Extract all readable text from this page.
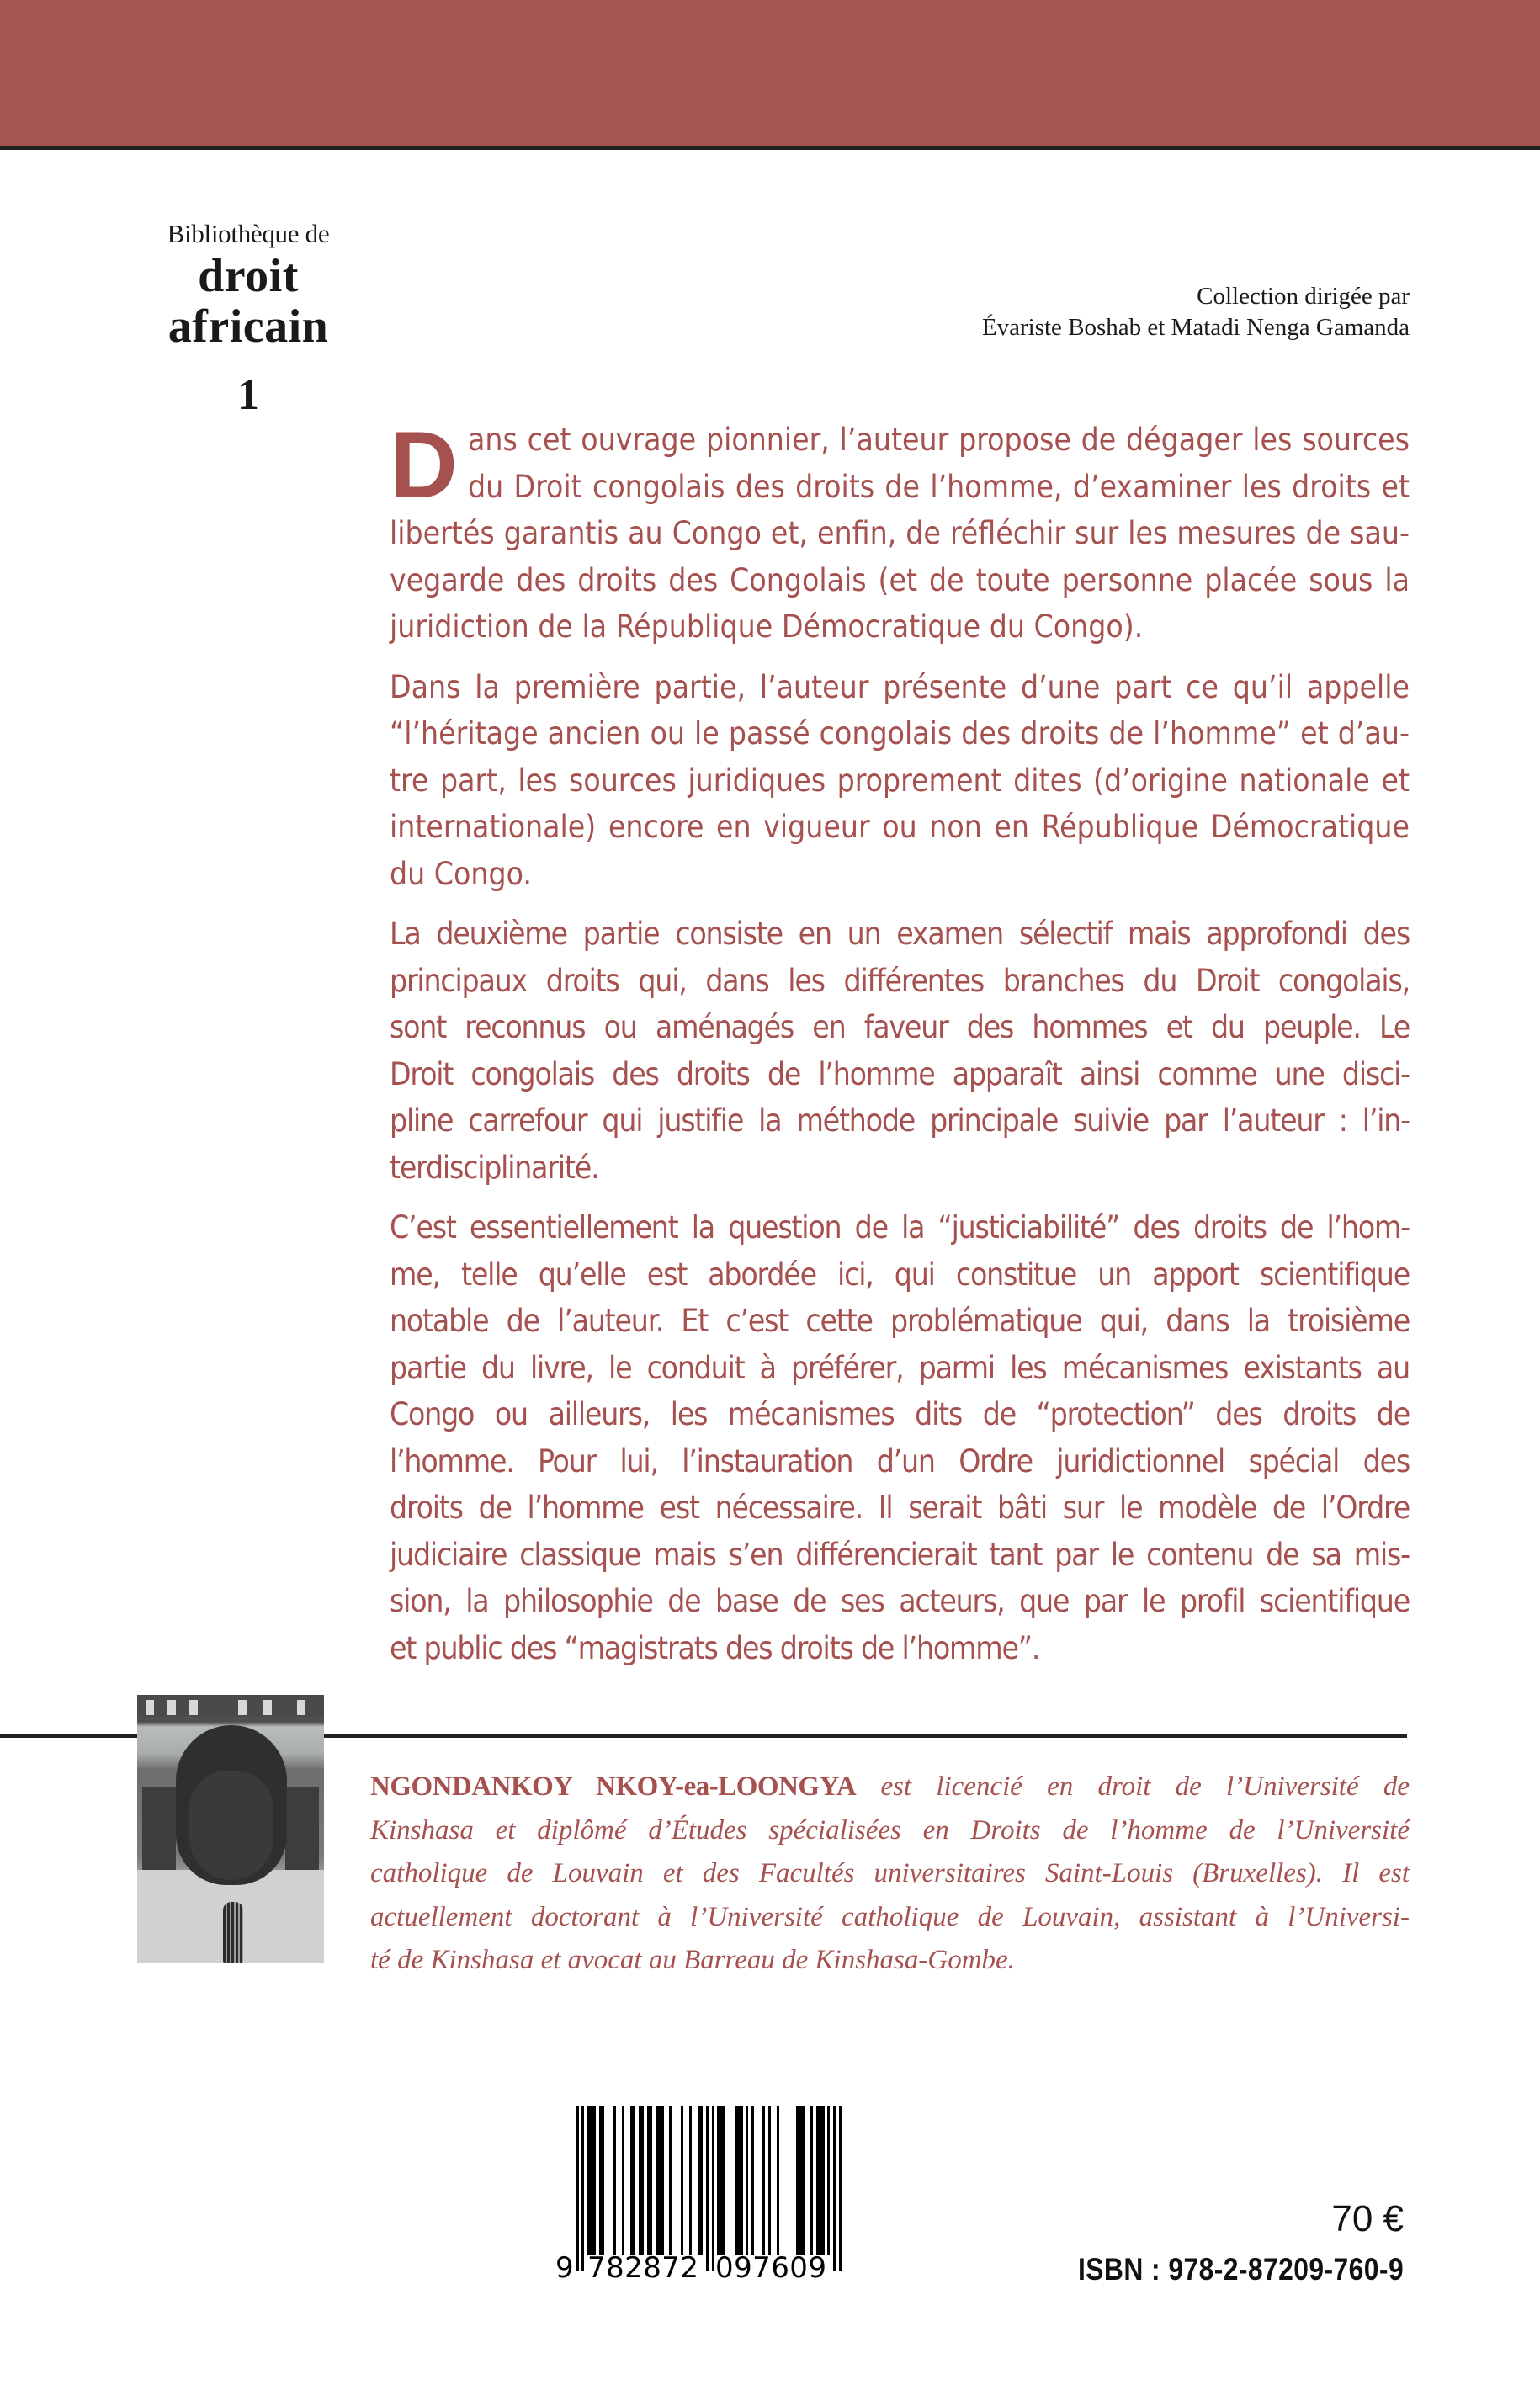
Bibliothèque de
droit
africain
1
Collection dirigée par
Évariste Boshab et Matadi Nenga Gamanda
D ans cet ouvrage pionnier, l’auteur propose de dégager les sources
du Droit congolais des droits de l’homme, d’examiner les droits et
libertés garantis au Congo et, enfin, de réfléchir sur les mesures de sau-
vegarde des droits des Congolais (et de toute personne placée sous la
juridiction de la République Démocratique du Congo).
Dans la première partie, l’auteur présente d’une part ce qu’il appelle
“l’héritage ancien ou le passé congolais des droits de l’homme” et d’au-
tre part, les sources juridiques proprement dites (d’origine nationale et
internationale) encore en vigueur ou non en République Démocratique
du Congo.
La deuxième partie consiste en un examen sélectif mais approfondi des
principaux droits qui, dans les différentes branches du Droit congolais,
sont reconnus ou aménagés en faveur des hommes et du peuple. Le
Droit congolais des droits de l’homme apparaît ainsi comme une disci-
pline carrefour qui justifie la méthode principale suivie par l’auteur : l’in-
terdisciplinarité.
C’est essentiellement la question de la “justiciabilité” des droits de l’hom-
me, telle qu’elle est abordée ici, qui constitue un apport scientifique
notable de l’auteur. Et c’est cette problématique qui, dans la troisième
partie du livre, le conduit à préférer, parmi les mécanismes existants au
Congo ou ailleurs, les mécanismes dits de “protection” des droits de
l’homme. Pour lui, l’instauration d’un Ordre juridictionnel spécial des
droits de l’homme est nécessaire. Il serait bâti sur le modèle de l’Ordre
judiciaire classique mais s’en différencierait tant par le contenu de sa mis-
sion, la philosophie de base de ses acteurs, que par le profil scientifique
et public des “magistrats des droits de l’homme”.
NGONDANKOY NKOY-ea-LOONGYA est licencié en droit de l’Université de
Kinshasa et diplômé d’Études spécialisées en Droits de l’homme de l’Université
catholique de Louvain et des Facultés universitaires Saint-Louis (Bruxelles). Il est
actuellement doctorant à l’Université catholique de Louvain, assistant à l’Universi-
té de Kinshasa et avocat au Barreau de Kinshasa-Gombe.
9 782872 097609
70 €
ISBN : 978-2-87209-760-9
